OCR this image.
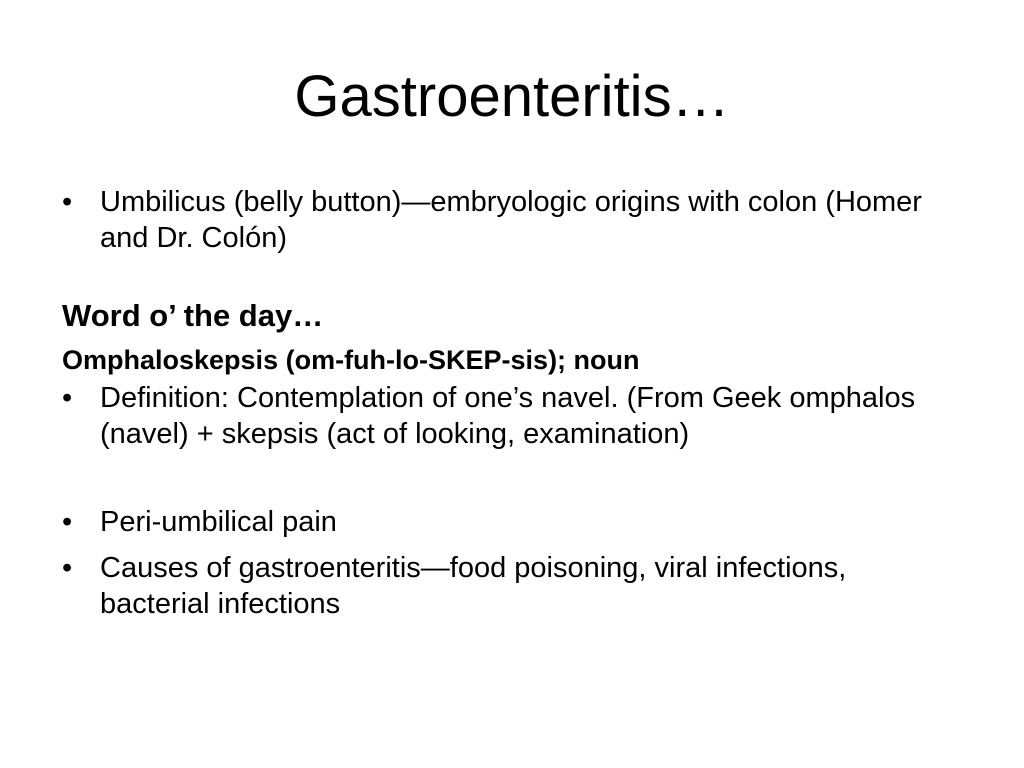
Gastroenteritis…
• Umbilicus (belly button)—embryologic origins with colon (Homer and Dr. Colón)
Word o’ the day…
Omphaloskepsis (om-fuh-lo-SKEP-sis); noun
• Definition: Contemplation of one’s navel. (From Geek omphalos (navel) + skepsis (act of looking, examination)
• Peri-umbilical pain
• Causes of gastroenteritis—food poisoning, viral infections, bacterial infections
